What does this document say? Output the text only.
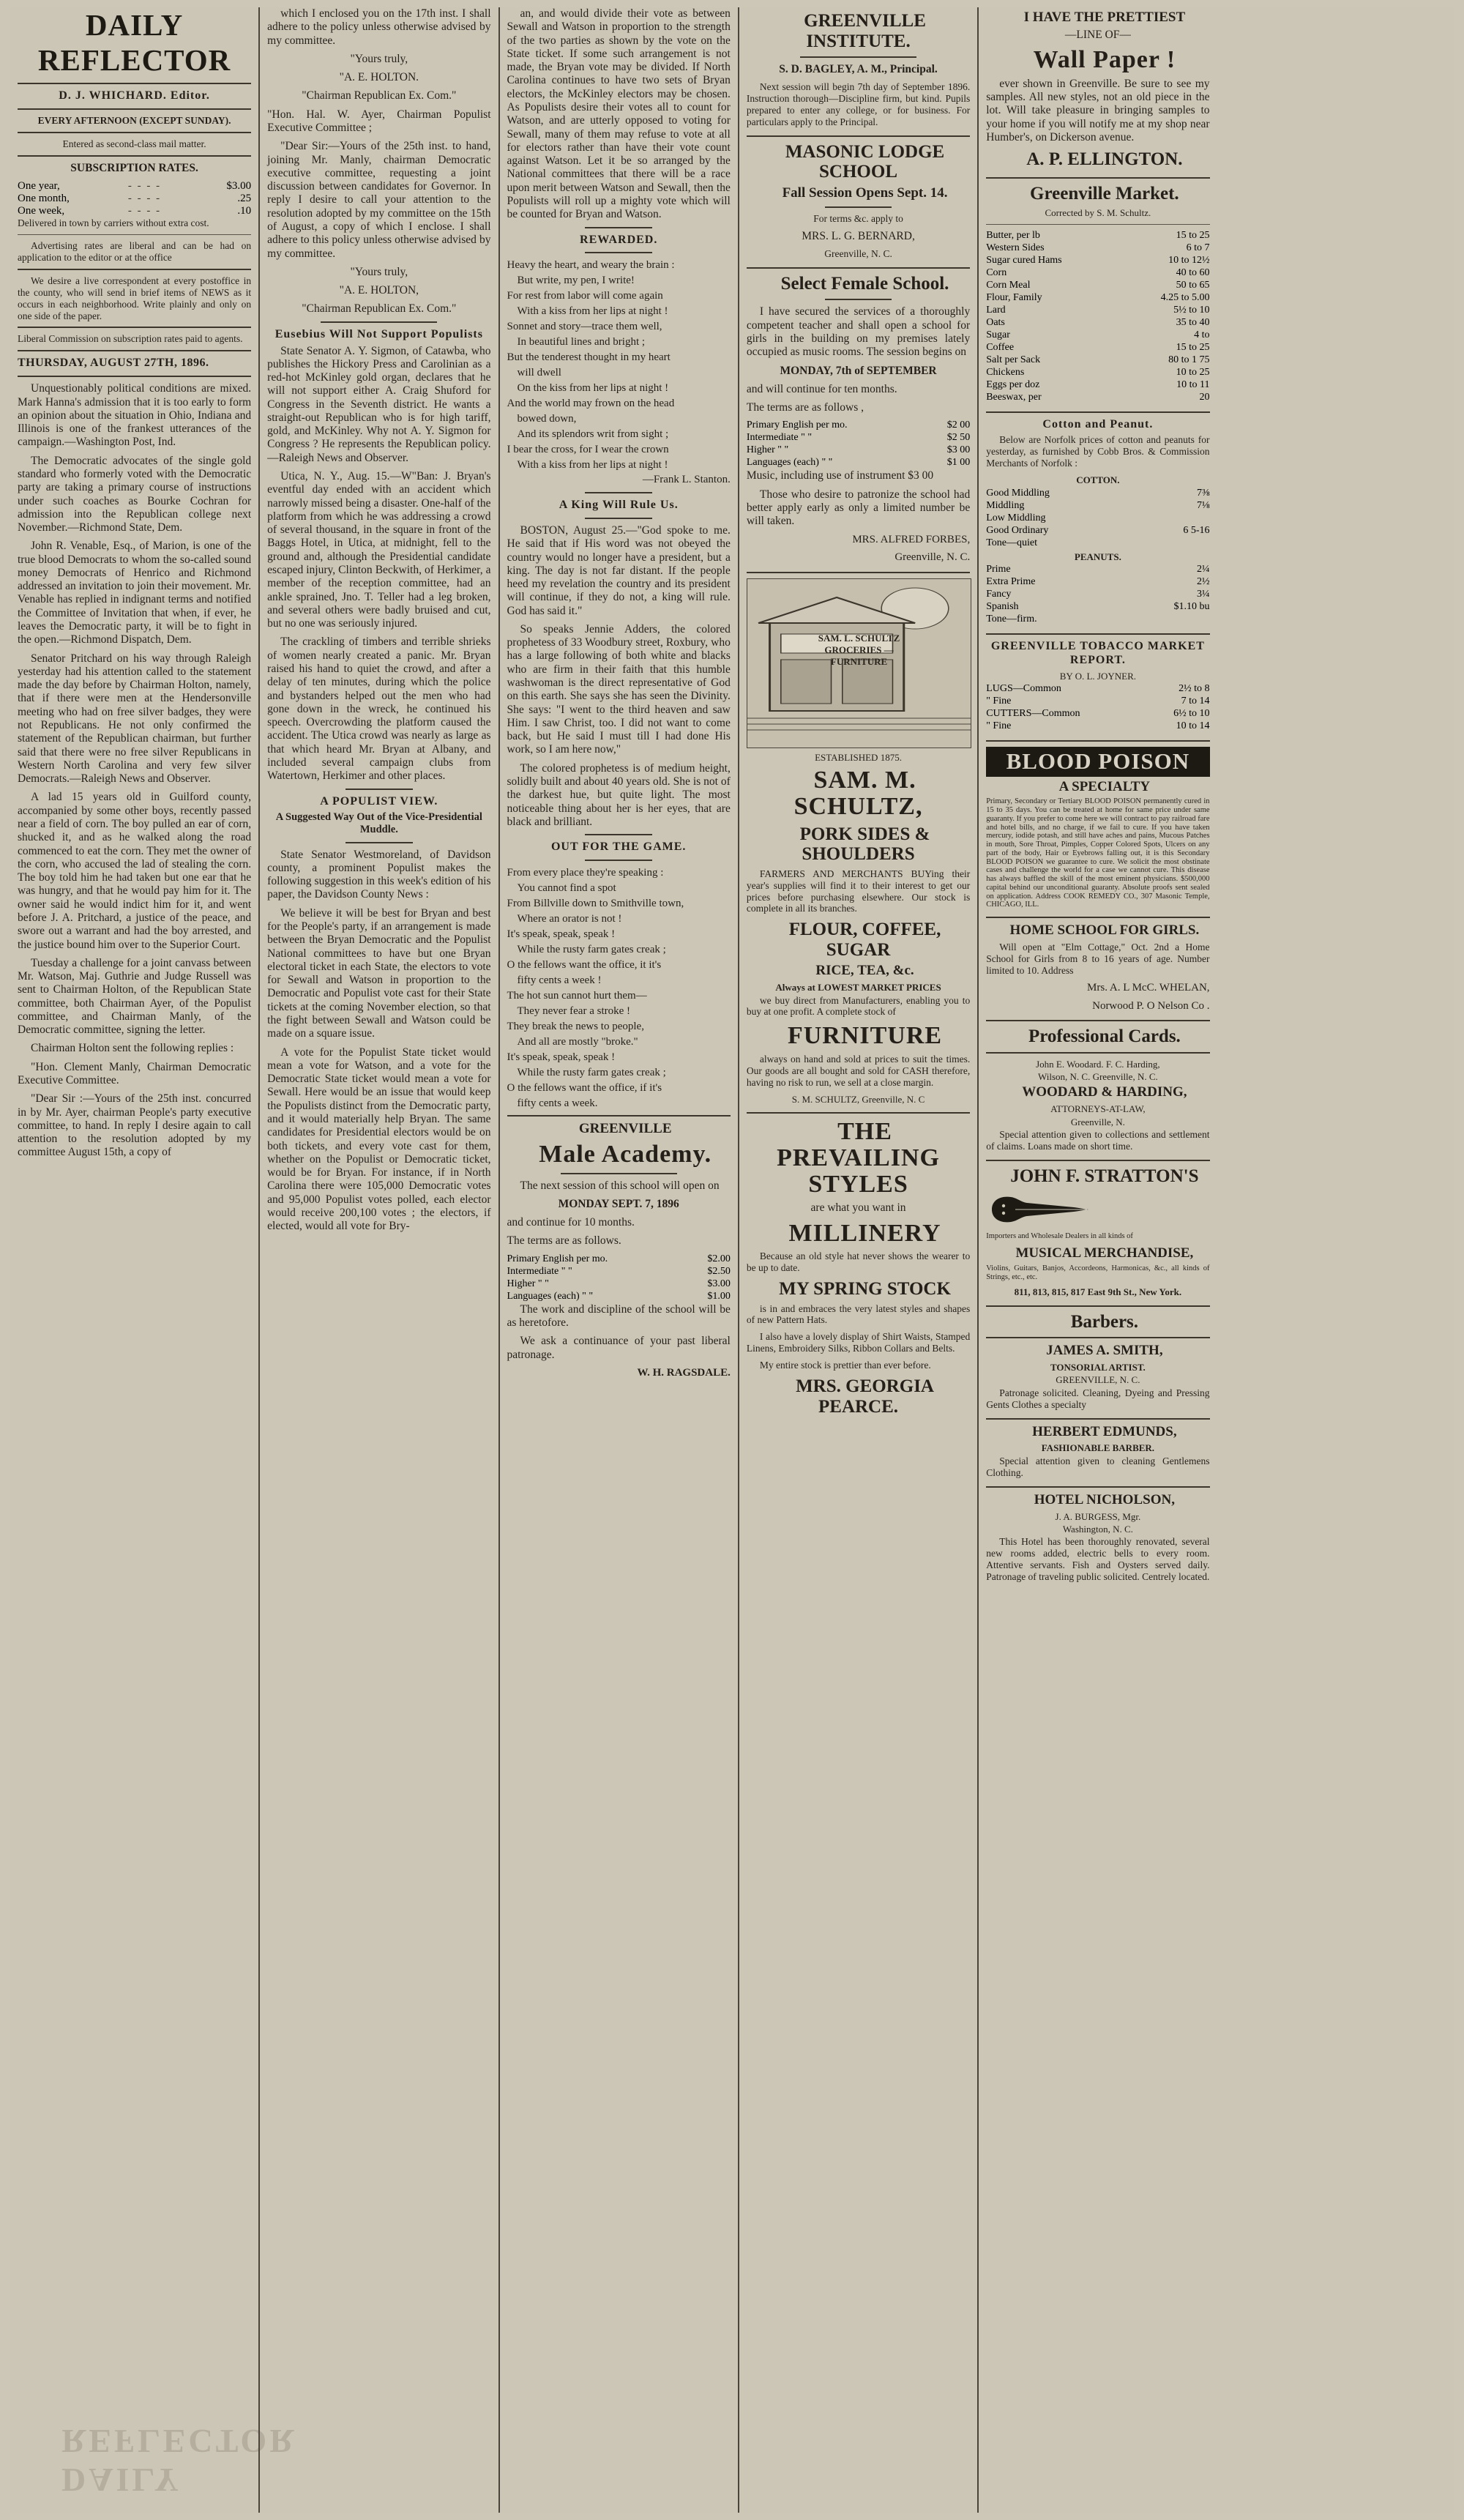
DAILY REFLECTOR

D. J. WHICHARD. Editor.

EVERY AFTERNOON (EXCEPT SUNDAY).

Entered as second-class mail matter.

SUBSCRIPTION RATES.

One year,	- - - -	$3.00
One month,	- - - -	.25
One week,	- - - -	.10

Delivered in town by carriers without extra cost.

Advertising rates are liberal and can be had on application to the editor or at the office

We desire a live correspondent at every postoffice in the county, who will send in brief items of NEWS as it occurs in each neighborhood. Write plainly and only on one side of the paper.

Liberal Commission on subscription rates paid to agents.

THURSDAY, AUGUST 27TH, 1896.

Unquestionably political conditions are mixed. Mark Hanna's admission that it is too early to form an opinion about the situation in Ohio, Indiana and Illinois is one of the frankest utterances of the campaign.—Washington Post, Ind.

The Democratic advocates of the single gold standard who formerly voted with the Democratic party are taking a primary course of instructions under such coaches as Bourke Cochran for admission into the Republican college next November.—Richmond State, Dem.

John R. Venable, Esq., of Marion, is one of the true blood Democrats to whom the so-called sound money Democrats of Henrico and Richmond addressed an invitation to join their movement. Mr. Venable has replied in indignant terms and notified the Committee of Invitation that when, if ever, he leaves the Democratic party, it will be to fight in the open.—Richmond Dispatch, Dem.

Senator Pritchard on his way through Raleigh yesterday had his attention called to the statement made the day before by Chairman Holton, namely, that if there were men at the Hendersonville meeting who had on free silver badges, they were not Republicans. He not only confirmed the statement of the Republican chairman, but further said that there were no free silver Republicans in Western North Carolina and very few silver Democrats.—Raleigh News and Observer.

A lad 15 years old in Guilford county, accompanied by some other boys, recently passed near a field of corn. The boy pulled an ear of corn, shucked it, and as he walked along the road commenced to eat the corn. They met the owner of the corn, who accused the lad of stealing the corn. The boy told him he had taken but one ear that he was hungry, and that he would pay him for it. The owner said he would indict him for it, and went before J. A. Pritchard, a justice of the peace, and swore out a warrant and had the boy arrested, and the justice bound him over to the Superior Court.

Tuesday a challenge for a joint canvass between Mr. Watson, Maj. Guthrie and Judge Russell was sent to Chairman Holton, of the Republican State committee, both Chairman Ayer, of the Populist committee, and Chairman Manly, of the Democratic committee, signing the letter.

Chairman Holton sent the following replies :

"Hon. Clement Manly, Chairman Democratic Executive Committee.

"Dear Sir :—Yours of the 25th inst. concurred in by Mr. Ayer, chairman People's party executive committee, to hand. In reply I desire again to call attention to the resolution adopted by my committee August 15th, a copy of

DAILY REFLECTOR

which I enclosed you on the 17th inst. I shall adhere to the policy unless otherwise advised by my committee.

"Yours truly,

"A. E. HOLTON.

"Chairman Republican Ex. Com."

"Hon. Hal. W. Ayer, Chairman Populist Executive Committee ;

"Dear Sir:—Yours of the 25th inst. to hand, joining Mr. Manly, chairman Democratic executive committee, requesting a joint discussion between candidates for Governor. In reply I desire to call your attention to the resolution adopted by my committee on the 15th of August, a copy of which I enclose. I shall adhere to this policy unless otherwise advised by my committee.

"Yours truly,

"A. E. HOLTON,

"Chairman Republican Ex. Com."

Eusebius Will Not Support Populists

State Senator A. Y. Sigmon, of Catawba, who publishes the Hickory Press and Carolinian as a red-hot McKinley gold organ, declares that he will not support either A. Craig Shuford for Congress in the Seventh district. He wants a straight-out Republican who is for high tariff, gold, and McKinley. Why not A. Y. Sigmon for Congress ? He represents the Republican policy.—Raleigh News and Observer.

Utica, N. Y., Aug. 15.—W"Ban: J. Bryan's eventful day ended with an accident which narrowly missed being a disaster. One-half of the platform from which he was addressing a crowd of several thousand, in the square in front of the Baggs Hotel, in Utica, at midnight, fell to the ground and, although the Presidential candidate escaped injury, Clinton Beckwith, of Herkimer, a member of the reception committee, had an ankle sprained, Jno. T. Teller had a leg broken, and several others were badly bruised and cut, but no one was seriously injured.

The crackling of timbers and terrible shrieks of women nearly created a panic. Mr. Bryan raised his hand to quiet the crowd, and after a delay of ten minutes, during which the police and bystanders helped out the men who had gone down in the wreck, he continued his speech. Overcrowding the platform caused the accident. The Utica crowd was nearly as large as that which heard Mr. Bryan at Albany, and included several campaign clubs from Watertown, Herkimer and other places.

A POPULIST VIEW.

A Suggested Way Out of the Vice-Presidential Muddle.

State Senator Westmoreland, of Davidson county, a prominent Populist makes the following suggestion in this week's edition of his paper, the Davidson County News :

We believe it will be best for Bryan and best for the People's party, if an arrangement is made between the Bryan Democratic and the Populist National committees to have but one Bryan electoral ticket in each State, the electors to vote for Sewall and Watson in proportion to the Democratic and Populist vote cast for their State tickets at the coming November election, so that the fight between Sewall and Watson could be made on a square issue.

A vote for the Populist State ticket would mean a vote for Watson, and a vote for the Democratic State ticket would mean a vote for Sewall. Here would be an issue that would keep the Populists distinct from the Democratic party, and it would materially help Bryan. The same candidates for Presidential electors would be on both tickets, and every vote cast for them, whether on the Populist or Democratic ticket, would be for Bryan. For instance, if in North Carolina there were 105,000 Democratic votes and 95,000 Populist votes polled, each elector would receive 200,100 votes ; the electors, if elected, would all vote for Bry-

an, and would divide their vote as between Sewall and Watson in proportion to the strength of the two parties as shown by the vote on the State ticket. If some such arrangement is not made, the Bryan vote may be divided. If North Carolina continues to have two sets of Bryan electors, the McKinley electors may be chosen. As Populists desire their votes all to count for Watson, and are utterly opposed to voting for Sewall, many of them may refuse to vote at all for electors rather than have their vote count against Watson. Let it be so arranged by the National committees that there will be a race upon merit between Watson and Sewall, then the Populists will roll up a mighty vote which will be counted for Bryan and Watson.

REWARDED.

Heavy the heart, and weary the brain :

But write, my pen, I write!

For rest from labor will come again

With a kiss from her lips at night !

Sonnet and story—trace them well,

In beautiful lines and bright ;

But the tenderest thought in my heart

will dwell

On the kiss from her lips at night !

And the world may frown on the head

bowed down,

And its splendors writ from sight ;

I bear the cross, for I wear the crown

With a kiss from her lips at night !

—Frank L. Stanton.

A King Will Rule Us.

BOSTON, August 25.—"God spoke to me. He said that if His word was not obeyed the country would no longer have a president, but a king. The day is not far distant. If the people heed my revelation the country and its president will continue, if they do not, a king will rule. God has said it."

So speaks Jennie Adders, the colored prophetess of 33 Woodbury street, Roxbury, who has a large following of both white and blacks who are firm in their faith that this humble washwoman is the direct representative of God on this earth. She says she has seen the Divinity. She says: "I went to the third heaven and saw Him. I saw Christ, too. I did not want to come back, but He said I must till I had done His work, so I am here now,"

The colored prophetess is of medium height, solidly built and about 40 years old. She is not of the darkest hue, but quite light. The most noticeable thing about her is her eyes, that are black and brilliant.

OUT FOR THE GAME.

From every place they're speaking :

You cannot find a spot

From Billville down to Smithville town,

Where an orator is not !

It's speak, speak, speak !

While the rusty farm gates creak ;

O the fellows want the office, it it's

fifty cents a week !

The hot sun cannot hurt them—

They never fear a stroke !

They break the news to people,

And all are mostly "broke."

It's speak, speak, speak !

While the rusty farm gates creak ;

O the fellows want the office, if it's

fifty cents a week.

GREENVILLE

Male Academy.

The next session of this school will open on

MONDAY SEPT. 7, 1896

and continue for 10 months.

The terms are as follows.

Primary English per mo.	$2.00
Intermediate " "	$2.50
Higher " "	$3.00
Languages (each) " "	$1.00

The work and discipline of the school will be as heretofore.

We ask a continuance of your past liberal patronage.

W. H. RAGSDALE.

GREENVILLE INSTITUTE.

S. D. BAGLEY, A. M., Principal.

Next session will begin 7th day of September 1896. Instruction thorough—Discipline firm, but kind. Pupils prepared to enter any college, or for business. For particulars apply to the Principal.

MASONIC LODGE SCHOOL

Fall Session Opens Sept. 14.

For terms &c. apply to

MRS. L. G. BERNARD,

Greenville, N. C.

Select Female School.

I have secured the services of a thoroughly competent teacher and shall open a school for girls in the building on my premises lately occupied as music rooms. The session begins on

MONDAY, 7th of SEPTEMBER

and will continue for ten months.

The terms are as follows ,

Primary English per mo.	$2 00
Intermediate " "	$2 50
Higher " "	$3 00
Languages (each) " "	$1 00

Music, including use of instrument $3 00

Those who desire to patronize the school had better apply early as only a limited number be will taken.

MRS. ALFRED FORBES,

Greenville, N. C.

SAM. L. SCHULTZ GROCERIES — FURNITURE

ESTABLISHED 1875.

SAM. M. SCHULTZ,

PORK SIDES & SHOULDERS

FARMERS AND MERCHANTS BUYing their year's supplies will find it to their interest to get our prices before purchasing elsewhere. Our stock is complete in all its branches.

FLOUR, COFFEE, SUGAR

RICE, TEA, &c.

Always at LOWEST MARKET PRICES

we buy direct from Manufacturers, enabling you to buy at one profit. A complete stock of

FURNITURE

always on hand and sold at prices to suit the times. Our goods are all bought and sold for CASH therefore, having no risk to run, we sell at a close margin.

S. M. SCHULTZ, Greenville, N. C

THE PREVAILING STYLES

are what you want in

MILLINERY

Because an old style hat never shows the wearer to be up to date.

MY SPRING STOCK

is in and embraces the very latest styles and shapes of new Pattern Hats.

I also have a lovely display of Shirt Waists, Stamped Linens, Embroidery Silks, Ribbon Collars and Belts.

My entire stock is prettier than ever before.

MRS. GEORGIA PEARCE.

I HAVE THE PRETTIEST

—LINE OF—

Wall Paper !

ever shown in Greenville. Be sure to see my samples. All new styles, not an old piece in the lot. Will take pleasure in bringing samples to your home if you will notify me at my shop near Humber's, on Dickerson avenue.

A. P. ELLINGTON.

Greenville Market.

Corrected by S. M. Schultz.

Butter, per lb	15 to 25
Western Sides	6 to 7
Sugar cured Hams	10 to 12½
Corn	40 to 60
Corn Meal	50 to 65
Flour, Family	4.25 to 5.00
Lard	5½ to 10
Oats	35 to 40
Sugar	4 to
Coffee	15 to 25
Salt per Sack	80 to 1 75
Chickens	10 to 25
Eggs per doz	10 to 11
Beeswax, per	20

Cotton and Peanut.

Below are Norfolk prices of cotton and peanuts for yesterday, as furnished by Cobb Bros. & Commission Merchants of Norfolk :

COTTON.

Good Middling	7⅜
Middling	7⅛
Low Middling	
Good Ordinary	6 5-16
Tone—quiet	

PEANUTS.

Prime	2¼
Extra Prime	2½
Fancy	3¼
Spanish	$1.10 bu
Tone—firm.	

GREENVILLE TOBACCO MARKET REPORT.

BY O. L. JOYNER.

LUGS—Common	2½ to 8
" Fine	7 to 14
CUTTERS—Common	6½ to 10
" Fine	10 to 14
BLOOD POISON

A SPECIALTY

Primary, Secondary or Tertiary BLOOD POISON permanently cured in 15 to 35 days. You can be treated at home for same price under same guaranty. If you prefer to come here we will contract to pay railroad fare and hotel bills, and no charge, if we fail to cure. If you have taken mercury, iodide potash, and still have aches and pains, Mucous Patches in mouth, Sore Throat, Pimples, Copper Colored Spots, Ulcers on any part of the body, Hair or Eyebrows falling out, it is this Secondary BLOOD POISON we guarantee to cure. We solicit the most obstinate cases and challenge the world for a case we cannot cure. This disease has always baffled the skill of the most eminent physicians. $500,000 capital behind our unconditional guaranty. Absolute proofs sent sealed on application. Address COOK REMEDY CO., 307 Masonic Temple, CHICAGO, ILL.

HOME SCHOOL FOR GIRLS.

Will open at "Elm Cottage," Oct. 2nd a Home School for Girls from 8 to 16 years of age. Number limited to 10. Address

Mrs. A. L McC. WHELAN,

Norwood P. O Nelson Co .

Professional Cards.

John E. Woodard. F. C. Harding,

Wilson, N. C. Greenville, N. C.

WOODARD & HARDING,

ATTORNEYS-AT-LAW,

Greenville, N.

Special attention given to collections and settlement of claims. Loans made on short time.

JOHN F. STRATTON'S

Importers and Wholesale Dealers in all kinds of

MUSICAL MERCHANDISE,

Violins, Guitars, Banjos, Accordeons, Harmonicas, &c., all kinds of Strings, etc., etc.

811, 813, 815, 817 East 9th St., New York.

Barbers.

JAMES A. SMITH,

TONSORIAL ARTIST.

GREENVILLE, N. C.

Patronage solicited. Cleaning, Dyeing and Pressing Gents Clothes a specialty

HERBERT EDMUNDS,

FASHIONABLE BARBER.

Special attention given to cleaning Gentlemens Clothing.

HOTEL NICHOLSON,

J. A. BURGESS, Mgr.

Washington, N. C.

This Hotel has been thoroughly renovated, several new rooms added, electric bells to every room. Attentive servants. Fish and Oysters served daily. Patronage of traveling public solicited. Centrely located.
